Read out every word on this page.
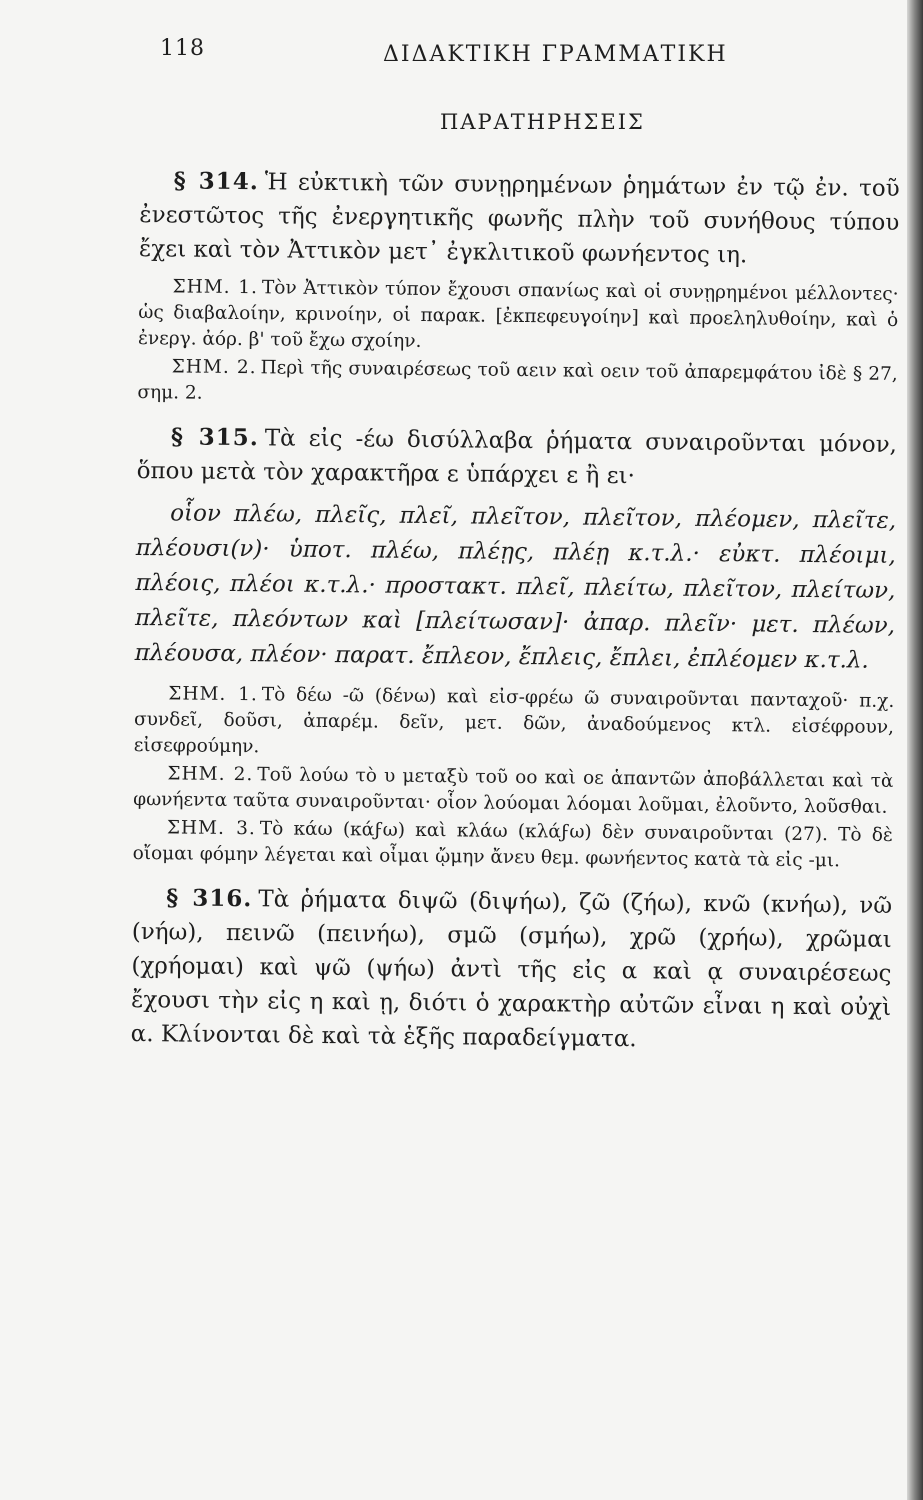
118	ΔΙΔΑΚΤΙΚΗ ΓΡΑΜΜΑΤΙΚΗ
ΠΑΡΑΤΗΡΗΣΕΙΣ

§ 314. Ἡ εὐκτικὴ τῶν συνῃρημένων ῥημάτων ἐν τῷ ἐν. τοῦ ἐνεστῶτος τῆς ἐνεργητικῆς φωνῆς πλὴν τοῦ συνήθους τύπου ἔχει καὶ τὸν Ἀττικὸν μετ᾽ ἐγκλιτικοῦ φωνήεντος ιη.

ΣΗΜ. 1. Τὸν Ἀττικὸν τύπον ἔχουσι σπανίως καὶ οἱ συνῃρημένοι μέλλοντες· ὡς διαβαλοίην, κρινοίην, οἱ παρακ. [ἐκπεφευγοίην] καὶ προεληλυθοίην, καὶ ὁ ἐνεργ. ἀόρ. β' τοῦ ἔχω σχοίην.

ΣΗΜ. 2. Περὶ τῆς συναιρέσεως τοῦ αειν καὶ οειν τοῦ ἀπαρεμφάτου ἰδὲ § 27, σημ. 2.

§ 315. Τὰ εἰς -έω δισύλλαβα ῥήματα συναιροῦνται μόνον, ὅπου μετὰ τὸν χαρακτῆρα ε ὑπάρχει ε ἢ ει·

οἷον πλέω, πλεῖς, πλεῖ, πλεῖτον, πλεῖτον, πλέομεν, πλεῖτε, πλέουσι(ν)· ὑποτ. πλέω, πλέῃς, πλέῃ κ.τ.λ.· εὐκτ. πλέοιμι, πλέοις, πλέοι κ.τ.λ.· προστακτ. πλεῖ, πλείτω, πλεῖτον, πλείτων, πλεῖτε, πλεόντων καὶ [πλείτωσαν]· ἀπαρ. πλεῖν· μετ. πλέων, πλέουσα, πλέον· παρατ. ἔπλεον, ἔπλεις, ἔπλει, ἐπλέομεν κ.τ.λ.

ΣΗΜ. 1. Τὸ δέω -ῶ (δένω) καὶ εἰσ-φρέω ῶ συναιροῦνται πανταχοῦ· π.χ. συνδεῖ, δοῦσι, ἀπαρέμ. δεῖν, μετ. δῶν, ἀναδούμενος κτλ. εἰσέφρουν, εἰσεφρούμην.

ΣΗΜ. 2. Τοῦ λούω τὸ υ μεταξὺ τοῦ οο καὶ οε ἁπαντῶν ἀποβάλλεται καὶ τὰ φωνήεντα ταῦτα συναιροῦνται· οἷον λούομαι λόομαι λοῦμαι, ἐλοῦντο, λοῦσθαι.

ΣΗΜ. 3. Τὸ κάω (κάϝω) καὶ κλάω (κλάϝω) δὲν συναιροῦνται (27). Τὸ δὲ οἴομαι φόμην λέγεται καὶ οἶμαι ᾤμην ἄνευ θεμ. φωνήεντος κατὰ τὰ εἰς -μι.

§ 316. Τὰ ῥήματα διψῶ (διψήω), ζῶ (ζήω), κνῶ (κνήω), νῶ (νήω), πεινῶ (πεινήω), σμῶ (σμήω), χρῶ (χρήω), χρῶμαι (χρήομαι) καὶ ψῶ (ψήω) ἀντὶ τῆς εἰς α καὶ ᾳ συναιρέσεως ἔχουσι τὴν εἰς η καὶ ῃ, διότι ὁ χαρακτὴρ αὐτῶν εἶναι η καὶ οὐχὶ α. Κλίνονται δὲ καὶ τὰ ἑξῆς παραδείγματα.
